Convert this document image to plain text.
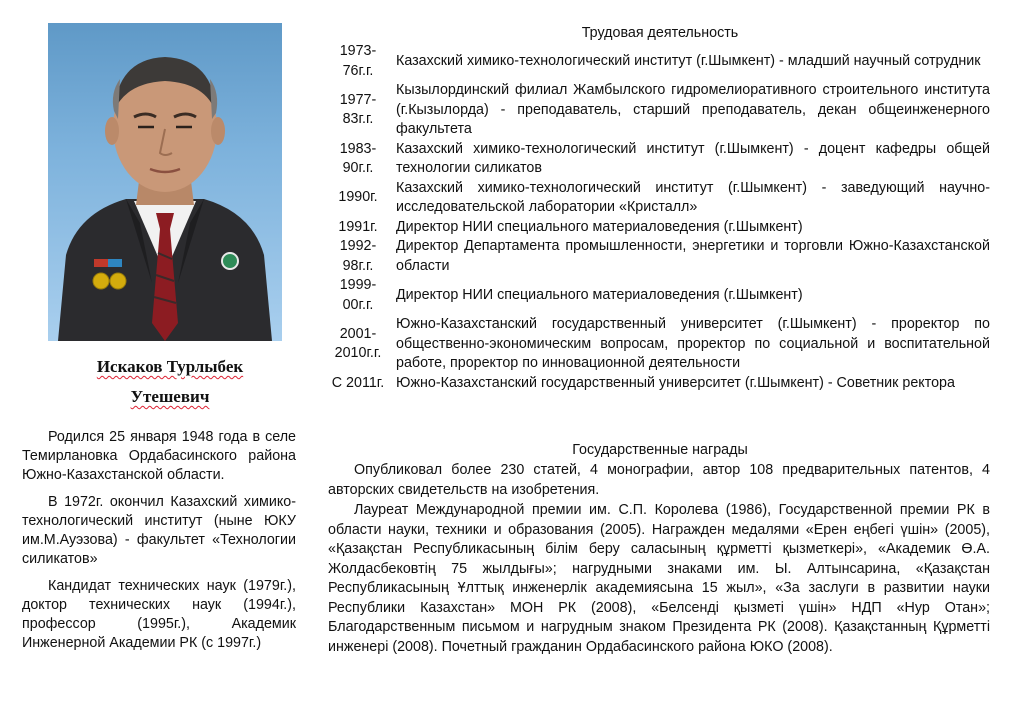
Искаков Турлыбек
Утешевич

Родился 25 января 1948 года в селе Темирлановка Ордабасинского района Южно-Казахстанской области.

В 1972г. окончил Казахский химико-технологический институт (ныне ЮКУ им.М.Ауэзова) - факультет «Технологии силикатов»

Кандидат технических наук (1979г.), доктор технических наук (1994г.), профессор (1995г.), Академик Инженерной Академии РК (с 1997г.)

Трудовая деятельность
1973-76г.г.	Казахский химико-технологический институт (г.Шымкент) - младший научный сотрудник
1977-83г.г.	Кызылординский филиал Жамбылского гидромелиоративного строительного института (г.Кызылорда) - преподаватель, старший преподаватель, декан общеинженерного факультета
1983-90г.г.	Казахский химико-технологический институт (г.Шымкент) - доцент кафедры общей технологии силикатов
1990г.	Казахский химико-технологический институт (г.Шымкент) - заведующий научно-исследовательской лаборатории «Кристалл»
1991г.	Директор НИИ специального материаловедения (г.Шымкент)
1992-98г.г.	Директор Департамента промышленности, энергетики и торговли Южно-Казахстанской области
1999-00г.г.	Директор НИИ специального материаловедения (г.Шымкент)
2001-2010г.г.	Южно-Казахстанский государственный университет (г.Шымкент) - проректор по общественно-экономическим вопросам, проректор по социальной и воспитательной работе, проректор по инновационной деятельности
С 2011г.	Южно-Казахстанский государственный университет (г.Шымкент) - Советник ректора
Государственные награды

Опубликовал более 230 статей, 4 монографии, автор 108 предварительных патентов, 4 авторских свидетельств на изобретения.

Лауреат Международной премии им. С.П. Королева (1986), Государственной премии РК в области науки, техники и образования (2005). Награжден медалями «Ерен еңбегі үшін» (2005), «Қазақстан Республикасының білім беру саласының құрметті қызметкері», «Академик Ө.А. Жолдасбековтің 75 жылдығы»; нагрудными знаками им. Ы. Алтынсарина, «Қазақстан Республикасының Ұлттық инженерлік академиясына 15 жыл», «За заслуги в развитии науки Республики Казахстан» МОН РК (2008), «Белсенді қызметі үшін» НДП «Нур Отан»; Благодарственным письмом и нагрудным знаком Президента РК (2008). Қазақстанның Құрметті инженері (2008). Почетный гражданин Ордабасинского района ЮКО (2008).
